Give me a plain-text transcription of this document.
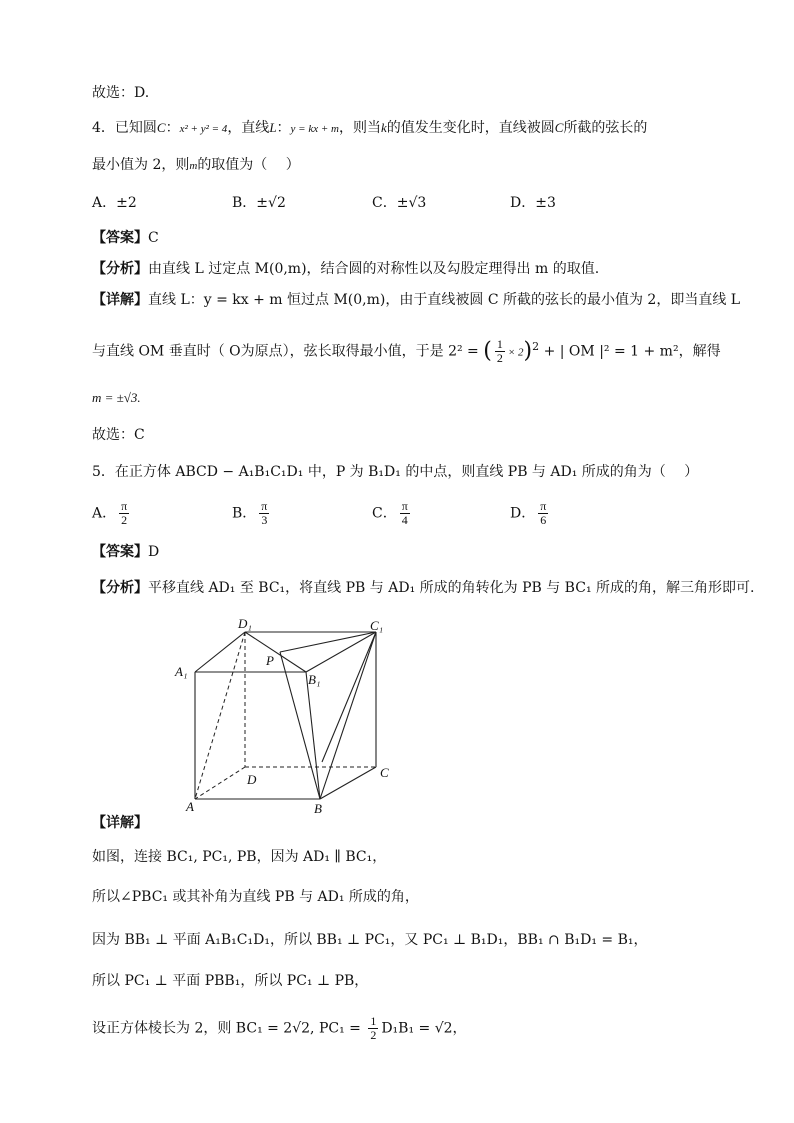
故选：D.
4．已知圆C：x² + y² = 4，直线L：y = kx + m，则当k的值发生变化时，直线被圆C所截的弦长的
最小值为 2，则m的取值为（　 ）
A．±2	B．±√2	C．±√3	D．±3
【答案】C
【分析】由直线 L 过定点 M(0,m)，结合圆的对称性以及勾股定理得出 m 的取值.
【详解】直线 L：y = kx + m 恒过点 M(0,m)，由于直线被圆 C 所截的弦长的最小值为 2，即当直线 L
与直线 OM 垂直时（ O为原点），弦长取得最小值，于是 2² = ( $\frac{1}{2} \times 2)^2$ + | OM |² = 1 + m²，解得
m = ±√3.
故选：C
5．在正方体 ABCD − A₁B₁C₁D₁ 中，P 为 B₁D₁ 的中点，则直线 PB 与 AD₁ 所成的角为（　 ）
A． $\frac{\pi}{2}$	B． $\frac{\pi}{3}$	C． $\frac{\pi}{4}$	D． $\frac{\pi}{6}$
【答案】D
【分析】平移直线 AD₁ 至 BC₁，将直线 PB 与 AD₁ 所成的角转化为 PB 与 BC₁ 所成的角，解三角形即可.
D₁	C₁
A₁
B₁
P
D	C
A	B
【详解】
如图，连接 BC₁, PC₁, PB，因为 AD₁ ∥ BC₁，
所以∠PBC₁ 或其补角为直线 PB 与 AD₁ 所成的角，
因为 BB₁ ⊥ 平面 A₁B₁C₁D₁，所以 BB₁ ⊥ PC₁，又 PC₁ ⊥ B₁D₁，BB₁ ∩ B₁D₁ = B₁，
所以 PC₁ ⊥ 平面 PBB₁，所以 PC₁ ⊥ PB，
设正方体棱长为 2，则 BC₁ = 2√2, $PC_1 = \frac{1}{2} D_1B_1 = √2$，
